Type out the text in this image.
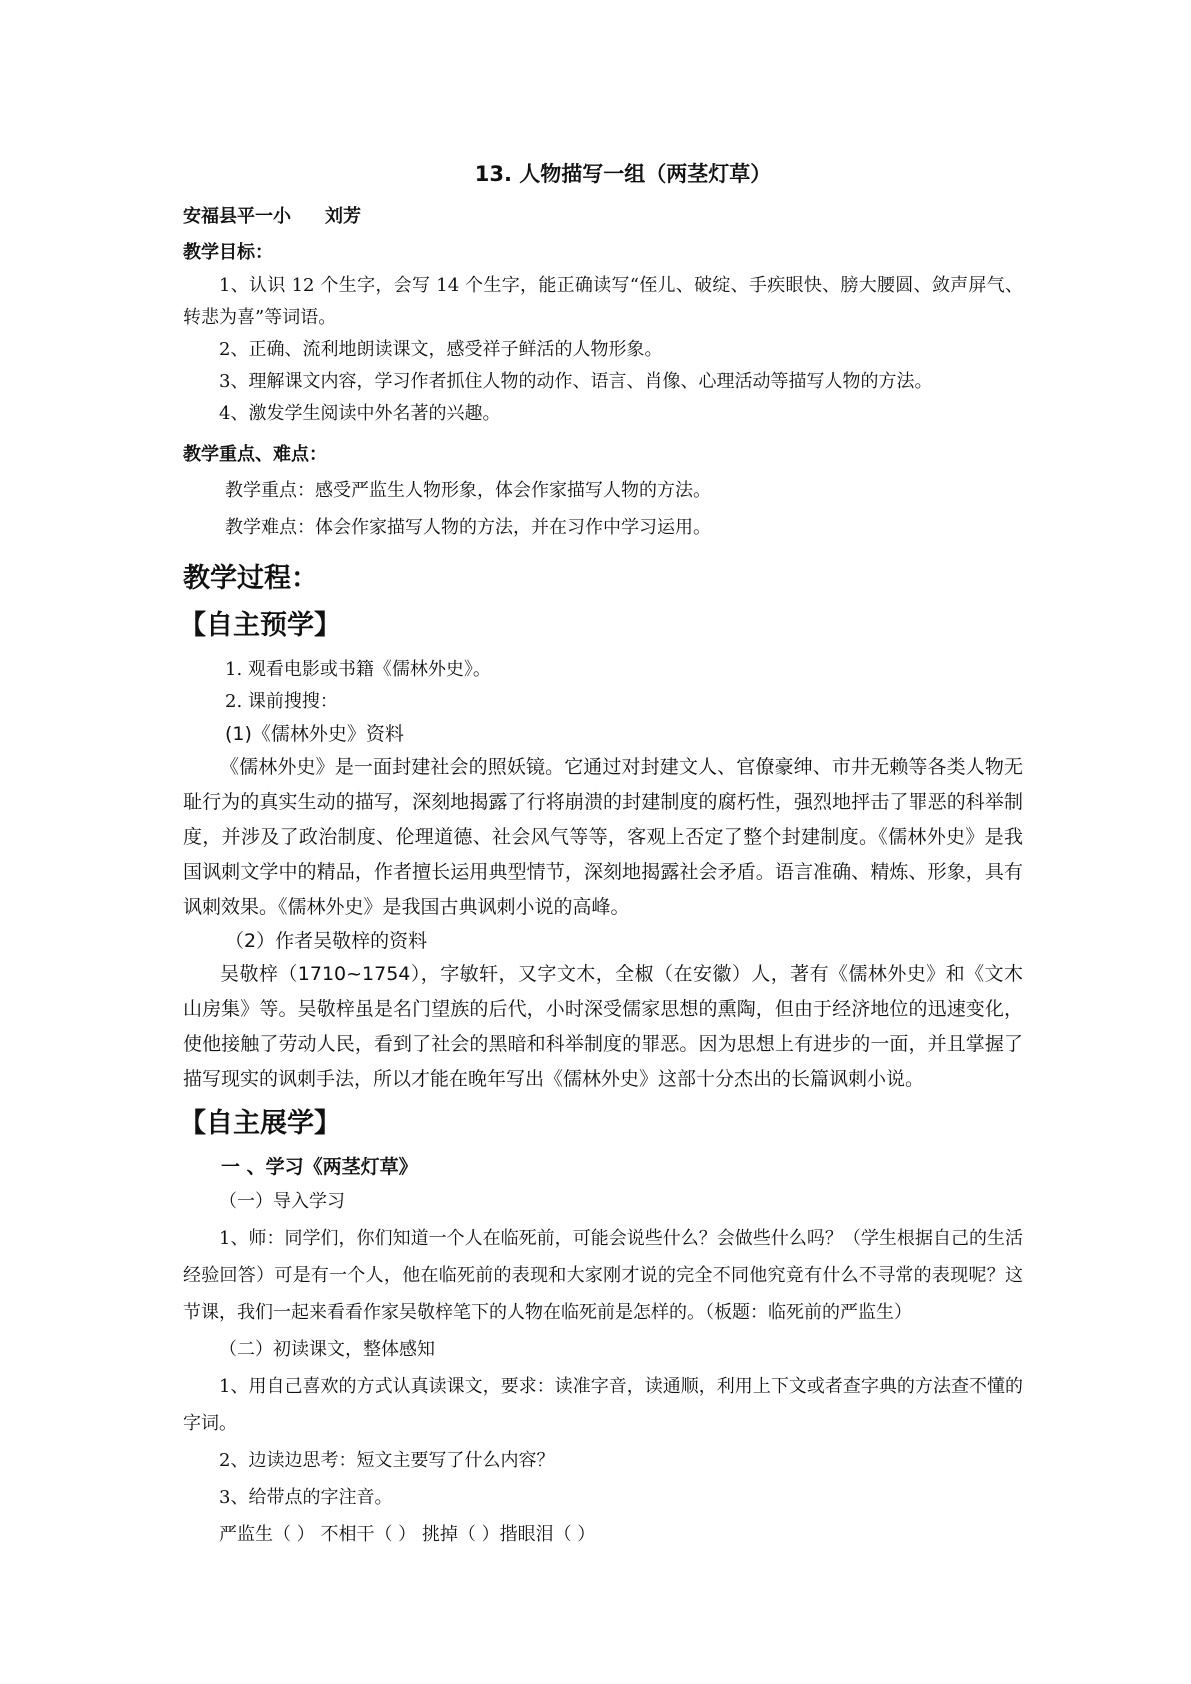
13. 人物描写一组（两茎灯草）
安福县平一小 刘芳
教学目标：

1、认识 12 个生字，会写 14 个生字，能正确读写“侄儿、破绽、手疾眼快、膀大腰圆、敛声屏气、转悲为喜”等词语。

2、正确、流利地朗读课文，感受祥子鲜活的人物形象。

3、理解课文内容，学习作者抓住人物的动作、语言、肖像、心理活动等描写人物的方法。

4、激发学生阅读中外名著的兴趣。

教学重点、难点：

教学重点：感受严监生人物形象，体会作家描写人物的方法。

教学难点：体会作家描写人物的方法，并在习作中学习运用。

教学过程：
【自主预学】

1. 观看电影或书籍《儒林外史》。

2. 课前搜搜：

(1)《儒林外史》资料

《儒林外史》是一面封建社会的照妖镜。它通过对封建文人、官僚豪绅、市井无赖等各类人物无耻行为的真实生动的描写，深刻地揭露了行将崩溃的封建制度的腐朽性，强烈地抨击了罪恶的科举制度，并涉及了政治制度、伦理道德、社会风气等等，客观上否定了整个封建制度。《儒林外史》是我国讽刺文学中的精品，作者擅长运用典型情节，深刻地揭露社会矛盾。语言准确、精炼、形象，具有讽刺效果。《儒林外史》是我国古典讽刺小说的高峰。

（2）作者吴敬梓的资料

吴敬梓（1710~1754），字敏轩，又字文木，全椒（在安徽）人，著有《儒林外史》和《文木山房集》等。吴敬梓虽是名门望族的后代，小时深受儒家思想的熏陶，但由于经济地位的迅速变化，使他接触了劳动人民，看到了社会的黑暗和科举制度的罪恶。因为思想上有进步的一面，并且掌握了描写现实的讽刺手法，所以才能在晚年写出《儒林外史》这部十分杰出的长篇讽刺小说。

【自主展学】
一 、学习《两茎灯草》

（一）导入学习

1、师：同学们，你们知道一个人在临死前，可能会说些什么？会做些什么吗？（学生根据自己的生活经验回答）可是有一个人，他在临死前的表现和大家刚才说的完全不同他究竟有什么不寻常的表现呢？这节课，我们一起来看看作家吴敬梓笔下的人物在临死前是怎样的。（板题：临死前的严监生）

（二）初读课文，整体感知

1、用自己喜欢的方式认真读课文，要求：读准字音，读通顺，利用上下文或者查字典的方法查不懂的字词。

2、边读边思考：短文主要写了什么内容？

3、给带点的字注音。

严监生（ ） 不相干（ ） 挑掉（ ）揩眼泪（ ）
